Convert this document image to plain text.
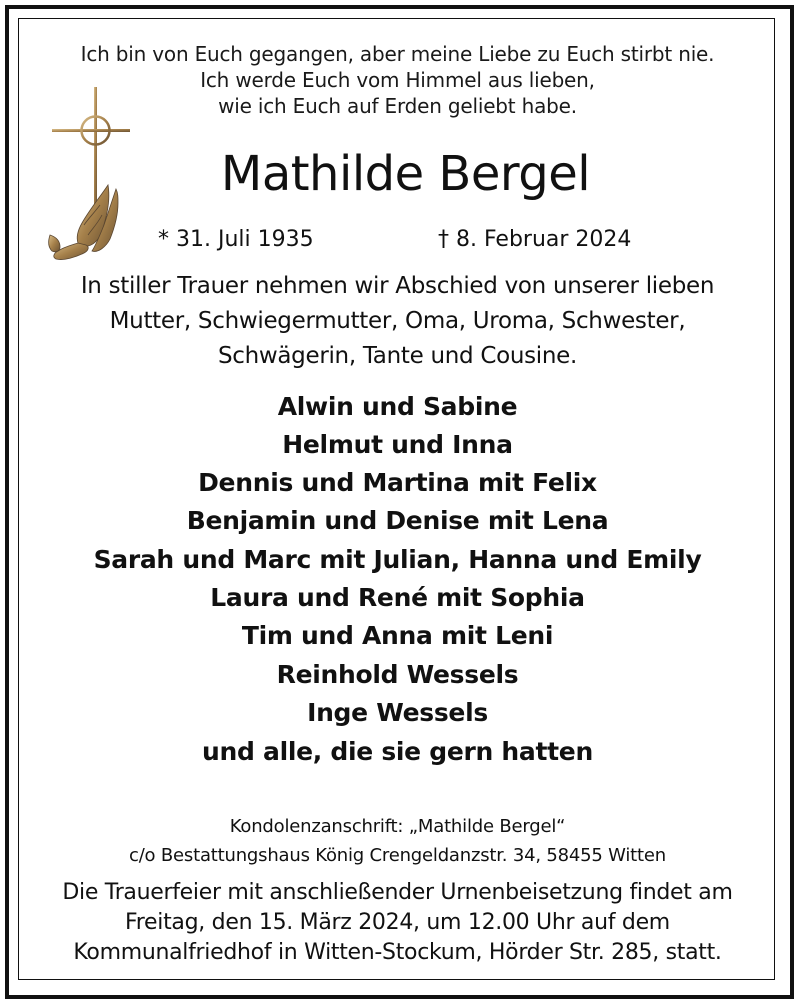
Ich bin von Euch gegangen, aber meine Liebe zu Euch stirbt nie.

Ich werde Euch vom Himmel aus lieben,

wie ich Euch auf Erden geliebt habe.

Mathilde Bergel
* 31. Juli 1935	† 8. Februar 2024

In stiller Trauer nehmen wir Abschied von unserer lieben

Mutter, Schwiegermutter, Oma, Uroma, Schwester,

Schwägerin, Tante und Cousine.

Alwin und Sabine

Helmut und Inna

Dennis und Martina mit Felix

Benjamin und Denise mit Lena

Sarah und Marc mit Julian, Hanna und Emily

Laura und René mit Sophia

Tim und Anna mit Leni

Reinhold Wessels

Inge Wessels

und alle, die sie gern hatten

Kondolenzanschrift: „Mathilde Bergel“

c/o Bestattungshaus König Crengeldanzstr. 34, 58455 Witten

Die Trauerfeier mit anschließender Urnenbeisetzung findet am

Freitag, den 15. März 2024, um 12.00 Uhr auf dem

Kommunalfriedhof in Witten-Stockum, Hörder Str. 285, statt.
